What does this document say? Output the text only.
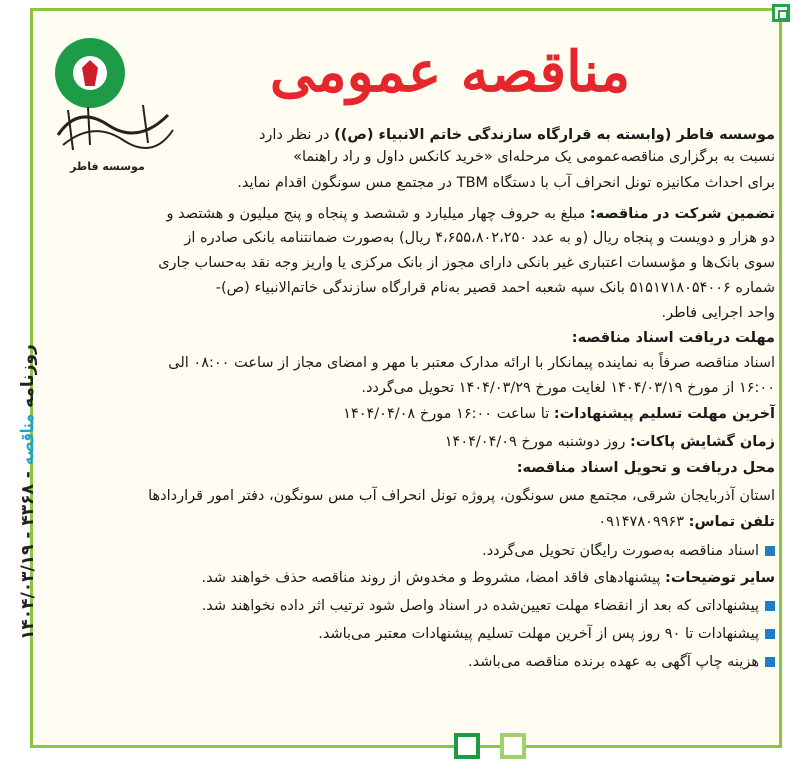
موسسه فاطر
مناقصه عمومی
روزنامه مناقصه - ۴۳۶۸ - ۱۴۰۴/۰۳/۱۹
موسسه فاطر (وابسته به قرارگاه سازندگی خاتم الانبیاء (ص)) در نظر دارد
نسبت به برگزاری مناقصه‌عمومی یک مرحله‌ای «خرید کانکس داول و راد راهنما»
برای احداث مکانیزه تونل انحراف آب با دستگاه TBM در مجتمع مس سونگون اقدام نماید.
تضمین شرکت در مناقصه: مبلغ به حروف چهار میلیارد و ششصد و پنجاه و پنج میلیون و هشتصد و
دو هزار و دویست و پنجاه ریال (و به عدد ۴،۶۵۵،۸۰۲،۲۵۰ ریال) به‌صورت ضمانتنامه بانکی صادره از
سوی بانک‌ها و مؤسسات اعتباری غیر بانکی دارای مجوز از بانک مرکزی یا واریز وجه نقد به‌حساب جاری
شماره ۵۱۵۱۷۱۸۰۵۴۰۰۶ بانک سپه شعبه احمد قصیر به‌نام قرارگاه سازندگی خاتم‌الانبیاء (ص)-
واحد اجرایی فاطر.
مهلت دریافت اسناد مناقصه:
اسناد مناقصه صرفاً به نماینده پیمانکار با ارائه مدارک معتبر با مهر و امضای مجاز از ساعت ۰۸:۰۰ الی
۱۶:۰۰ از مورخ ۱۴۰۴/۰۳/۱۹ لغایت مورخ ۱۴۰۴/۰۳/۲۹ تحویل می‌گردد.
آخرین مهلت تسلیم پیشنهادات: تا ساعت ۱۶:۰۰ مورخ ۱۴۰۴/۰۴/۰۸
زمان گشایش پاکات: روز دوشنبه مورخ ۱۴۰۴/۰۴/۰۹
محل دریافت و تحویل اسناد مناقصه:
استان آذربایجان شرقی، مجتمع مس سونگون، پروژه تونل انحراف آب مس سونگون، دفتر امور قراردادها
تلفن تماس: ۰۹۱۴۷۸۰۹۹۶۳
اسناد مناقصه به‌صورت رایگان تحویل می‌گردد.
سایر توضیحات: پیشنهادهای فاقد امضا، مشروط و مخدوش از روند مناقصه حذف خواهند شد.
پیشنهاداتی که بعد از انقضاء مهلت تعیین‌شده در اسناد واصل شود ترتیب اثر داده نخواهند شد.
پیشنهادات تا ۹۰ روز پس از آخرین مهلت تسلیم پیشنهادات معتبر می‌باشد.
هزینه چاپ آگهی به عهده برنده مناقصه می‌باشد.
